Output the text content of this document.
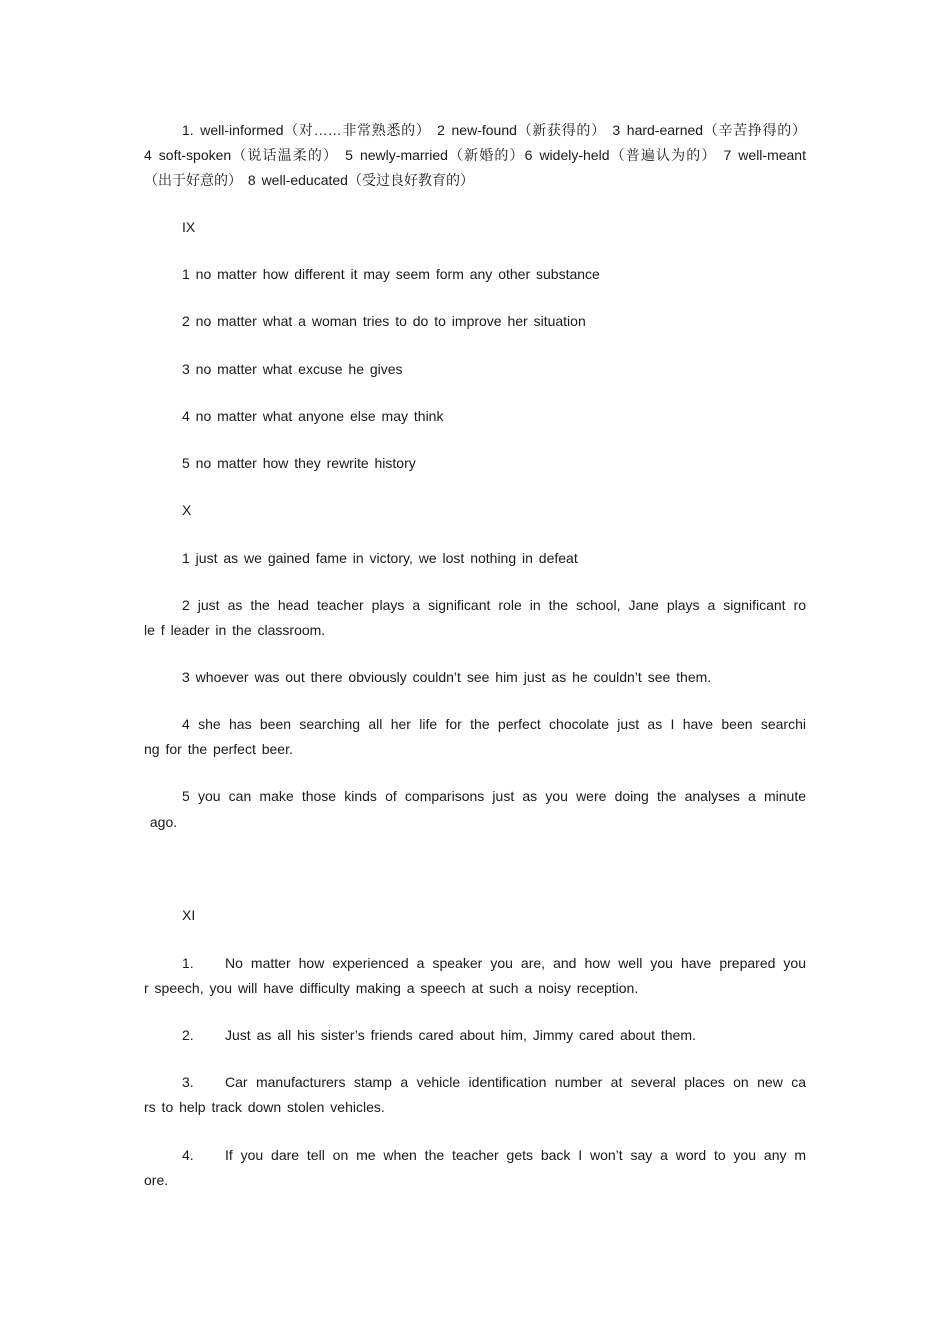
1. well-informed（对……非常熟悉的） 2 new-found（新获得的） 3 hard-earned（辛苦挣得的）
4 soft-spoken（说话温柔的） 5 newly-married（新婚的）6 widely-held（普遍认为的） 7 well-meant
（出于好意的） 8 well-educated（受过良好教育的）
IX
1 no matter how different it may seem form any other substance
2 no matter what a woman tries to do to improve her situation
3 no matter what excuse he gives
4 no matter what anyone else may think
5 no matter how they rewrite history
X
1 just as we gained fame in victory, we lost nothing in defeat
2 just as the head teacher plays a significant role in the school, Jane plays a significant ro
le f leader in the classroom.
3 whoever was out there obviously couldn’t see him just as he couldn’t see them.
4 she has been searching all her life for the perfect chocolate just as I have been searchi
ng for the perfect beer.
5 you can make those kinds of comparisons just as you were doing the analyses a minute
ago.
XI
1.	No matter how experienced a speaker you are, and how well you have prepared you
r speech, you will have difficulty making a speech at such a noisy reception.
2.	Just as all his sister’s friends cared about him, Jimmy cared about them.
3.	Car manufacturers stamp a vehicle identification number at several places on new ca
rs to help track down stolen vehicles.
4.	If you dare tell on me when the teacher gets back I won’t say a word to you any m
ore.
